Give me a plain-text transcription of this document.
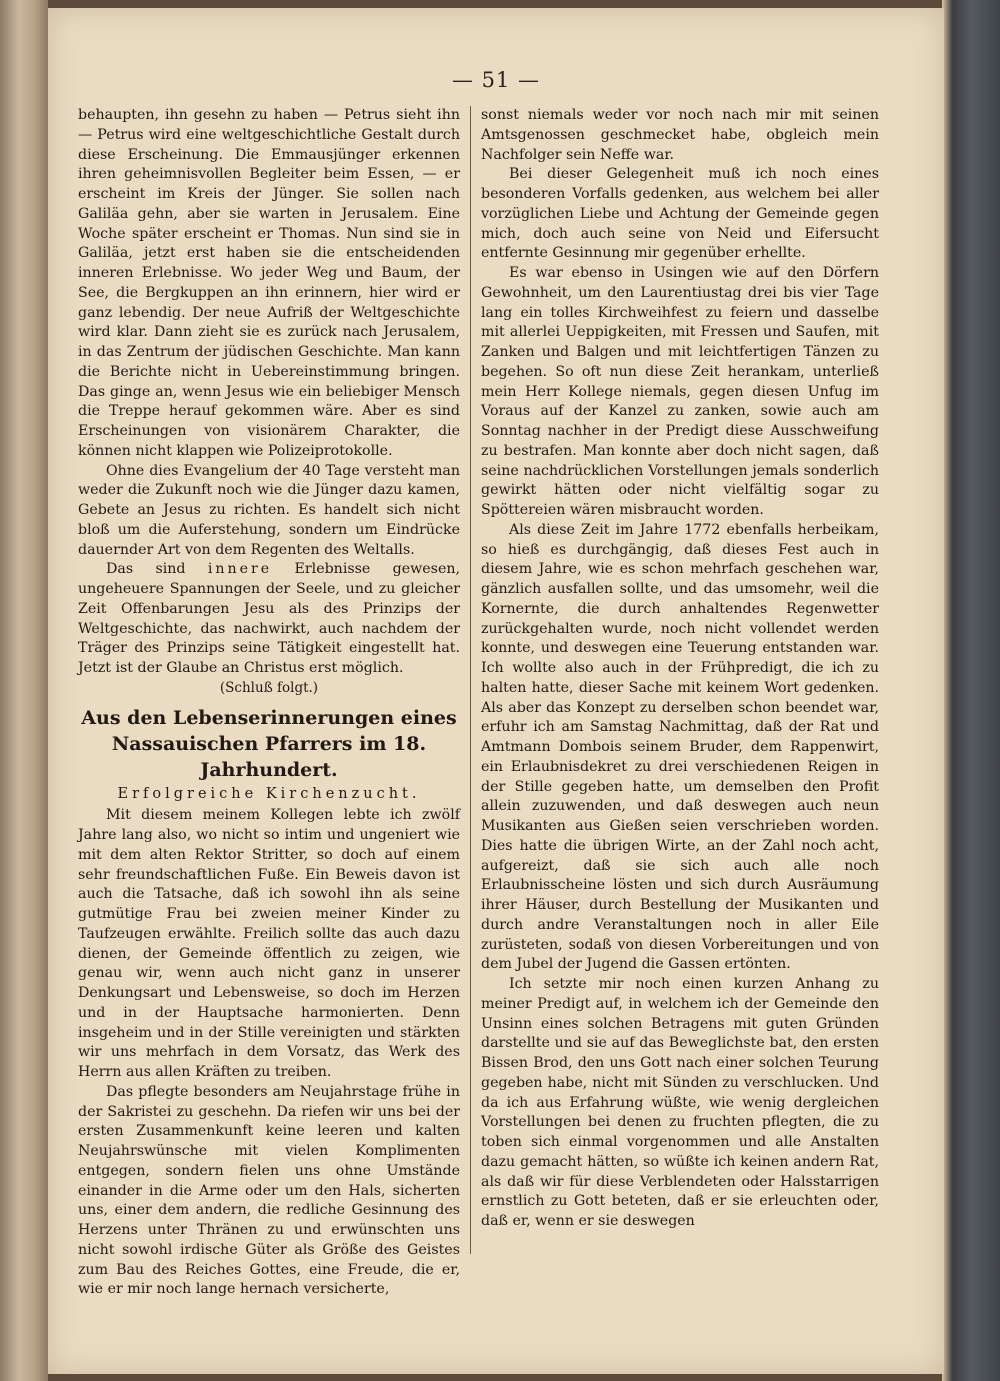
— 51 —

behaupten, ihn gesehn zu haben — Petrus sieht ihn — Petrus wird eine weltgeschichtliche Gestalt durch diese Erscheinung. Die Emmausjünger erkennen ihren geheimnisvollen Begleiter beim Essen, — er erscheint im Kreis der Jünger. Sie sollen nach Galiläa gehn, aber sie warten in Jerusalem. Eine Woche später erscheint er Thomas. Nun sind sie in Galiläa, jetzt erst haben sie die entscheidenden inneren Erlebnisse. Wo jeder Weg und Baum, der See, die Bergkuppen an ihn erinnern, hier wird er ganz lebendig. Der neue Aufriß der Weltgeschichte wird klar. Dann zieht sie es zurück nach Jerusalem, in das Zentrum der jüdischen Geschichte. Man kann die Berichte nicht in Uebereinstimmung bringen. Das ginge an, wenn Jesus wie ein beliebiger Mensch die Treppe herauf gekommen wäre. Aber es sind Erscheinungen von visionärem Charakter, die können nicht klappen wie Polizeiprotokolle.

Ohne dies Evangelium der 40 Tage versteht man weder die Zukunft noch wie die Jünger dazu kamen, Gebete an Jesus zu richten. Es handelt sich nicht bloß um die Auferstehung, sondern um Eindrücke dauernder Art von dem Regenten des Weltalls.

Das sind innere Erlebnisse gewesen, ungeheuere Spannungen der Seele, und zu gleicher Zeit Offenbarungen Jesu als des Prinzips der Weltgeschichte, das nachwirkt, auch nachdem der Träger des Prinzips seine Tätigkeit eingestellt hat. Jetzt ist der Glaube an Christus erst möglich.

(Schluß folgt.)
Aus den Lebenserinnerungen eines Nassauischen Pfarrers im 18. Jahrhundert.
Erfolgreiche Kirchenzucht.

Mit diesem meinem Kollegen lebte ich zwölf Jahre lang also, wo nicht so intim und ungeniert wie mit dem alten Rektor Stritter, so doch auf einem sehr freundschaftlichen Fuße. Ein Beweis davon ist auch die Tatsache, daß ich sowohl ihn als seine gutmütige Frau bei zweien meiner Kinder zu Taufzeugen erwählte. Freilich sollte das auch dazu dienen, der Gemeinde öffentlich zu zeigen, wie genau wir, wenn auch nicht ganz in unserer Denkungsart und Lebensweise, so doch im Herzen und in der Hauptsache harmonierten. Denn insgeheim und in der Stille vereinigten und stärkten wir uns mehrfach in dem Vorsatz, das Werk des Herrn aus allen Kräften zu treiben.

Das pflegte besonders am Neujahrstage frühe in der Sakristei zu geschehn. Da riefen wir uns bei der ersten Zusammenkunft keine leeren und kalten Neujahrswünsche mit vielen Komplimenten entgegen, sondern fielen uns ohne Umstände einander in die Arme oder um den Hals, sicherten uns, einer dem andern, die redliche Gesinnung des Herzens unter Thränen zu und erwünschten uns nicht sowohl irdische Güter als Größe des Geistes zum Bau des Reiches Gottes, eine Freude, die er, wie er mir noch lange hernach versicherte,

sonst niemals weder vor noch nach mir mit seinen Amtsgenossen geschmecket habe, obgleich mein Nachfolger sein Neffe war.

Bei dieser Gelegenheit muß ich noch eines besonderen Vorfalls gedenken, aus welchem bei aller vorzüglichen Liebe und Achtung der Gemeinde gegen mich, doch auch seine von Neid und Eifersucht entfernte Gesinnung mir gegenüber erhellte.

Es war ebenso in Usingen wie auf den Dörfern Gewohnheit, um den Laurentiustag drei bis vier Tage lang ein tolles Kirchweihfest zu feiern und dasselbe mit allerlei Ueppigkeiten, mit Fressen und Saufen, mit Zanken und Balgen und mit leichtfertigen Tänzen zu begehen. So oft nun diese Zeit herankam, unterließ mein Herr Kollege niemals, gegen diesen Unfug im Voraus auf der Kanzel zu zanken, sowie auch am Sonntag nachher in der Predigt diese Ausschweifung zu bestrafen. Man konnte aber doch nicht sagen, daß seine nachdrücklichen Vorstellungen jemals sonderlich gewirkt hätten oder nicht vielfältig sogar zu Spöttereien wären misbraucht worden.

Als diese Zeit im Jahre 1772 ebenfalls herbeikam, so hieß es durchgängig, daß dieses Fest auch in diesem Jahre, wie es schon mehrfach geschehen war, gänzlich ausfallen sollte, und das umsomehr, weil die Kornernte, die durch anhaltendes Regenwetter zurückgehalten wurde, noch nicht vollendet werden konnte, und deswegen eine Teuerung entstanden war. Ich wollte also auch in der Frühpredigt, die ich zu halten hatte, dieser Sache mit keinem Wort gedenken. Als aber das Konzept zu derselben schon beendet war, erfuhr ich am Samstag Nachmittag, daß der Rat und Amtmann Dombois seinem Bruder, dem Rappenwirt, ein Erlaubnisdekret zu drei verschiedenen Reigen in der Stille gegeben hatte, um demselben den Profit allein zuzuwenden, und daß deswegen auch neun Musikanten aus Gießen seien verschrieben worden. Dies hatte die übrigen Wirte, an der Zahl noch acht, aufgereizt, daß sie sich auch alle noch Erlaubnisscheine lösten und sich durch Ausräumung ihrer Häuser, durch Bestellung der Musikanten und durch andre Veranstaltungen noch in aller Eile zurüsteten, sodaß von diesen Vorbereitungen und von dem Jubel der Jugend die Gassen ertönten.

Ich setzte mir noch einen kurzen Anhang zu meiner Predigt auf, in welchem ich der Gemeinde den Unsinn eines solchen Betragens mit guten Gründen darstellte und sie auf das Beweglichste bat, den ersten Bissen Brod, den uns Gott nach einer solchen Teurung gegeben habe, nicht mit Sünden zu verschlucken. Und da ich aus Erfahrung wüßte, wie wenig dergleichen Vorstellungen bei denen zu fruchten pflegten, die zu toben sich einmal vorgenommen und alle Anstalten dazu gemacht hätten, so wüßte ich keinen andern Rat, als daß wir für diese Verblendeten oder Halsstarrigen ernstlich zu Gott beteten, daß er sie erleuchten oder, daß er, wenn er sie deswegen
